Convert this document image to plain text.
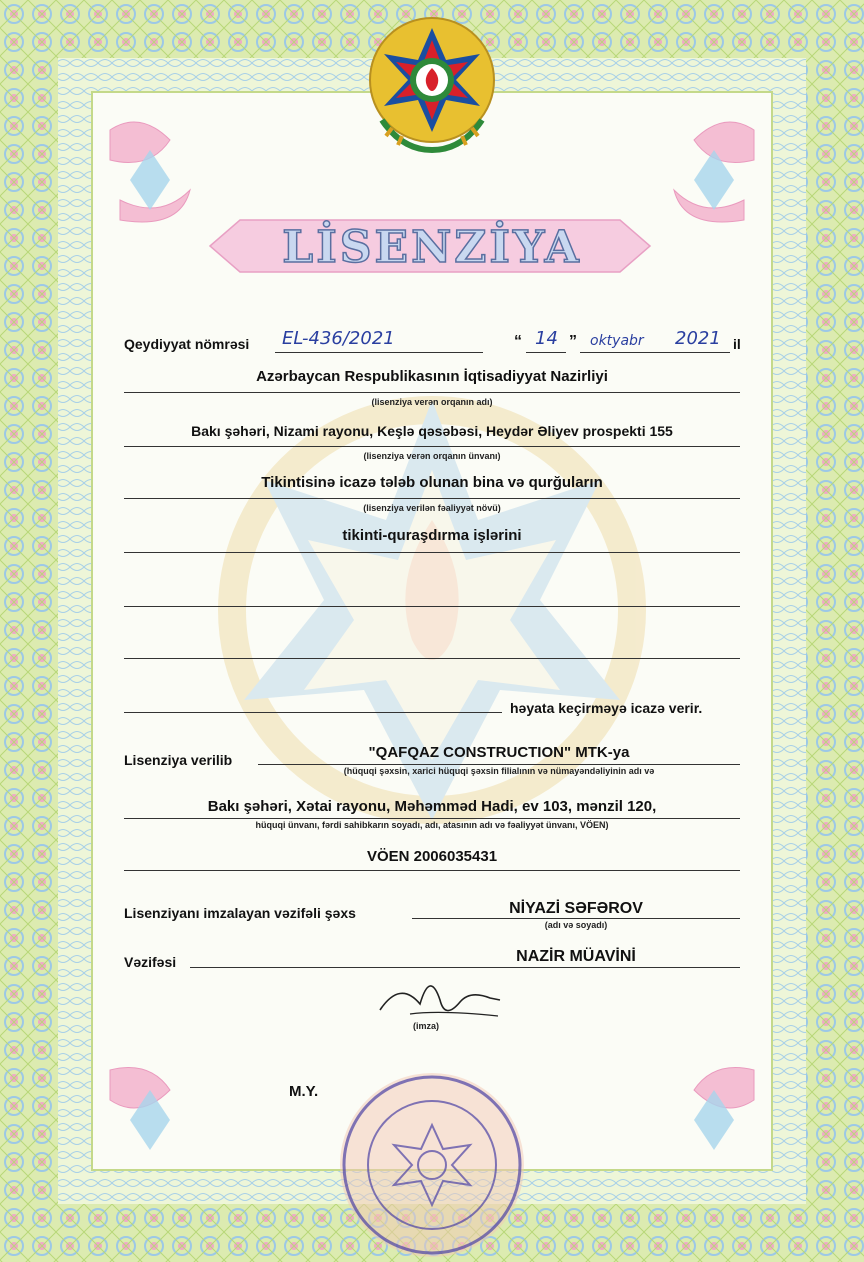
LİSENZİYA
Qeydiyyat nömrəsi EL-436/2021	“ 14 ” oktyabr 2021 il
Azərbaycan Respublikasının İqtisadiyyat Nazirliyi
(lisenziya verən orqanın adı)
Bakı şəhəri, Nizami rayonu, Keşlə qəsəbəsi, Heydər Əliyev prospekti 155
(lisenziya verən orqanın ünvanı)
Tikintisinə icazə tələb olunan bina və qurğuların
(lisenziya verilən fəaliyyət növü)
tikinti-quraşdırma işlərini
həyata keçirməyə icazə verir.
Lisenziya verilib	"QAFQAZ CONSTRUCTION" MTK-ya
(hüquqi şəxsin, xarici hüquqi şəxsin filialının və nümayəndəliyinin adı və
Bakı şəhəri, Xətai rayonu, Məhəmməd Hadi, ev 103, mənzil 120,
hüquqi ünvanı, fərdi sahibkarın soyadı, adı, atasının adı və fəaliyyət ünvanı, VÖEN)
VÖEN 2006035431
Lisenziyanı imzalayan vəzifəli şəxs	NİYAZİ SƏFƏROV
(adı və soyadı)
Vəzifəsi	NAZİR MÜAVİNİ
(imza)
M.Y.
